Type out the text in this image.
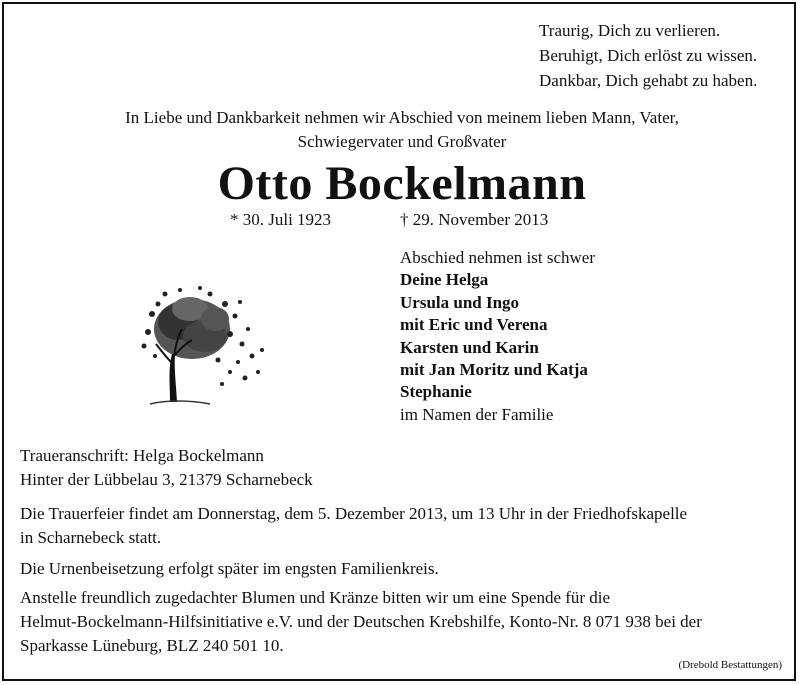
Traurig, Dich zu verlieren.
Beruhigt, Dich erlöst zu wissen.
Dankbar, Dich gehabt zu haben.
In Liebe und Dankbarkeit nehmen wir Abschied von meinem lieben Mann, Vater,
Schwiegervater und Großvater
Otto Bockelmann
* 30. Juli 1923	† 29. November 2013
Abschied nehmen ist schwer
Deine Helga
Ursula und Ingo
mit Eric und Verena
Karsten und Karin
mit Jan Moritz und Katja
Stephanie
im Namen der Familie
Traueranschrift: Helga Bockelmann
Hinter der Lübbelau 3, 21379 Scharnebeck
Die Trauerfeier findet am Donnerstag, dem 5. Dezember 2013, um 13 Uhr in der Friedhofskapelle
in Scharnebeck statt.
Die Urnenbeisetzung erfolgt später im engsten Familienkreis.
Anstelle freundlich zugedachter Blumen und Kränze bitten wir um eine Spende für die
Helmut-Bockelmann-Hilfsinitiative e.V. und der Deutschen Krebshilfe, Konto-Nr. 8 071 938 bei der
Sparkasse Lüneburg, BLZ 240 501 10.
(Drebold Bestattungen)
